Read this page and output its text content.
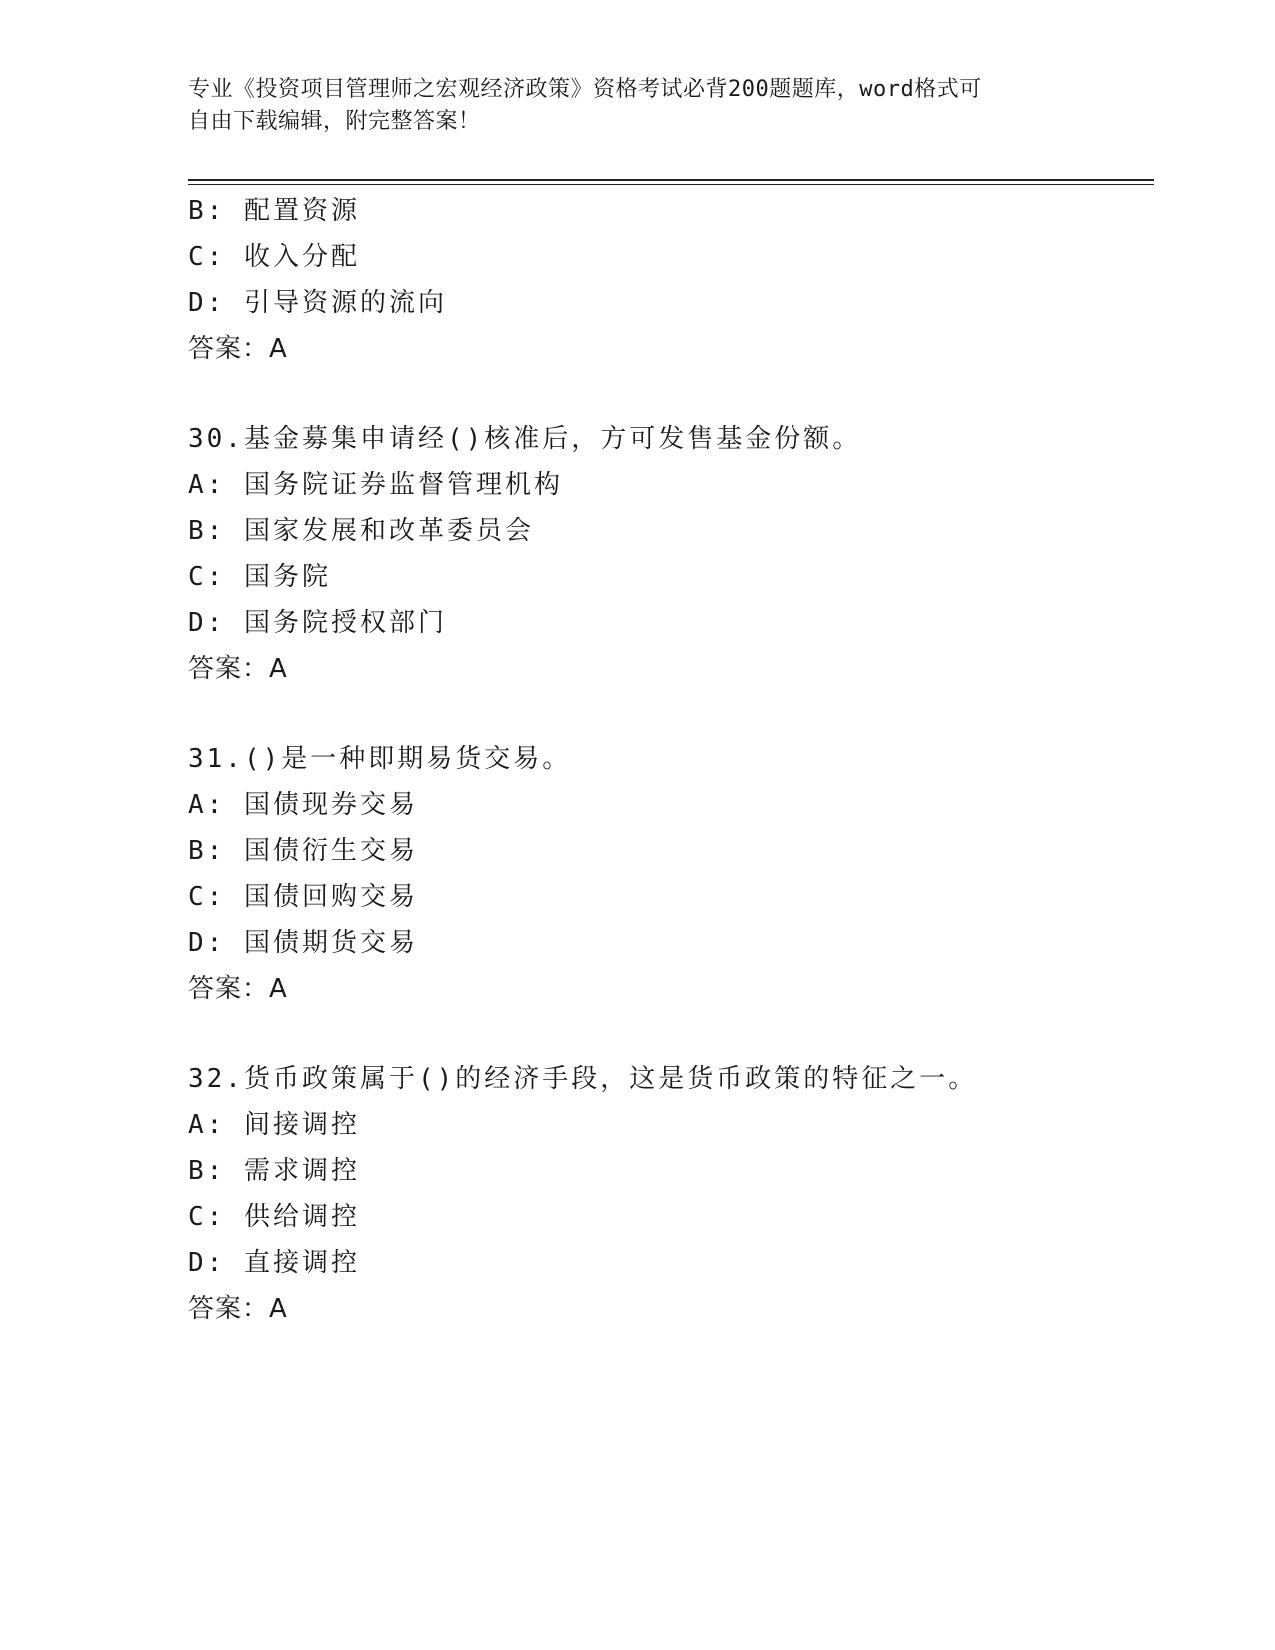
专业《投资项目管理师之宏观经济政策》资格考试必背200题题库，word格式可
自由下载编辑，附完整答案！
B: 配置资源
C: 收入分配
D: 引导资源的流向
答案：A
30.基金募集申请经()核准后，方可发售基金份额。
A: 国务院证券监督管理机构
B: 国家发展和改革委员会
C: 国务院
D: 国务院授权部门
答案：A
31.()是一种即期易货交易。
A: 国债现券交易
B: 国债衍生交易
C: 国债回购交易
D: 国债期货交易
答案：A
32.货币政策属于()的经济手段，这是货币政策的特征之一。
A: 间接调控
B: 需求调控
C: 供给调控
D: 直接调控
答案：A
